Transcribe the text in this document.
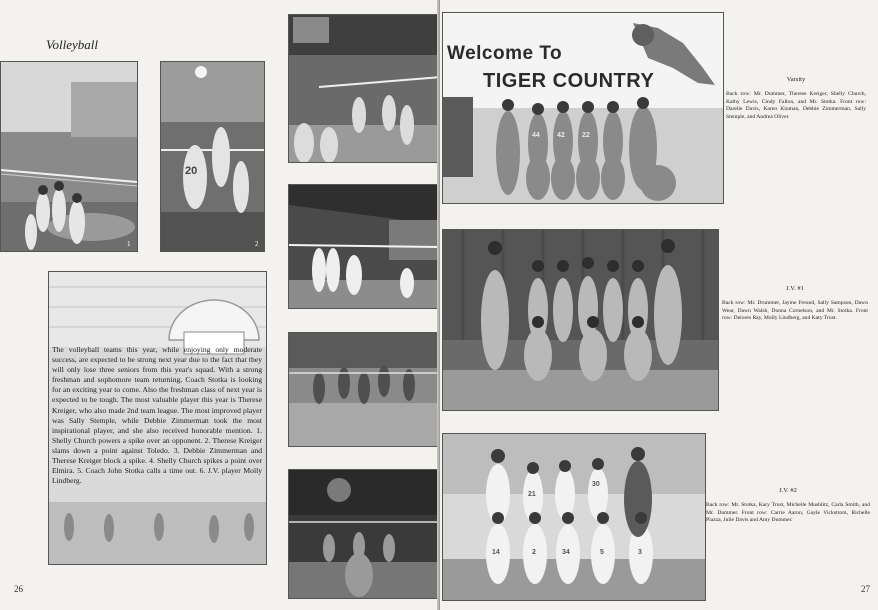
Volleyball
1
20
2
The volleyball teams this year, while enjoying only moderate success, are expected to be strong next year due to the fact that they will only lose three seniors from this year's squad. With a strong freshman and sophomore team returning, Coach Stotka is looking for an exciting year to come. Also the freshman class of next year is expected to be tough. The most valuable player this year is Therese Kreiger, who also made 2nd team league. The most improved player was Sally Stemple, while Debbie Zimmerman took the most inspirational player, and she also received honorable mention. 1. Shelly Church powers a spike over an opponent. 2. Therese Kreiger slams down a point against Toledo. 3. Debbie Zimmerman and Therese Kreiger block a spike. 4. Shelly Church spikes a point over Elmira. 5. Coach John Stotka calls a time out. 6. J.V. player Molly Lindberg.
26
44 42 22
Welcome To
TIGER COUNTRY	Varsity
Back row: Mr. Dummer, Therese Kreiger, Shelly Church, Kathy Lewis, Cindy Fallon, and Mr. Stotka. Front row: Darelle Davis, Karen Kinman, Debbie Zimmerman, Sally Stemple, and Andrea Oliver.
J.V. #1
Back row: Mr. Drummer, Jayme Freund, Sally Sampson, Dawn Wear, Dawn Walsh, Donna Cornelson, and Mr. Stotka. Front row: Delores Ray, Molly Lindberg, and Katy Trust.
21
30
14	2	34	5	3
J.V. #2
Back row: Mr. Stotka, Kary Trust, Michelle Mushlitz, Carla Smith, and Mr. Dummer. Front row: Carrie Aaron, Gayle Vickstrom, Richelle Piazza, Julie Davis and Amy Dummer.
27
